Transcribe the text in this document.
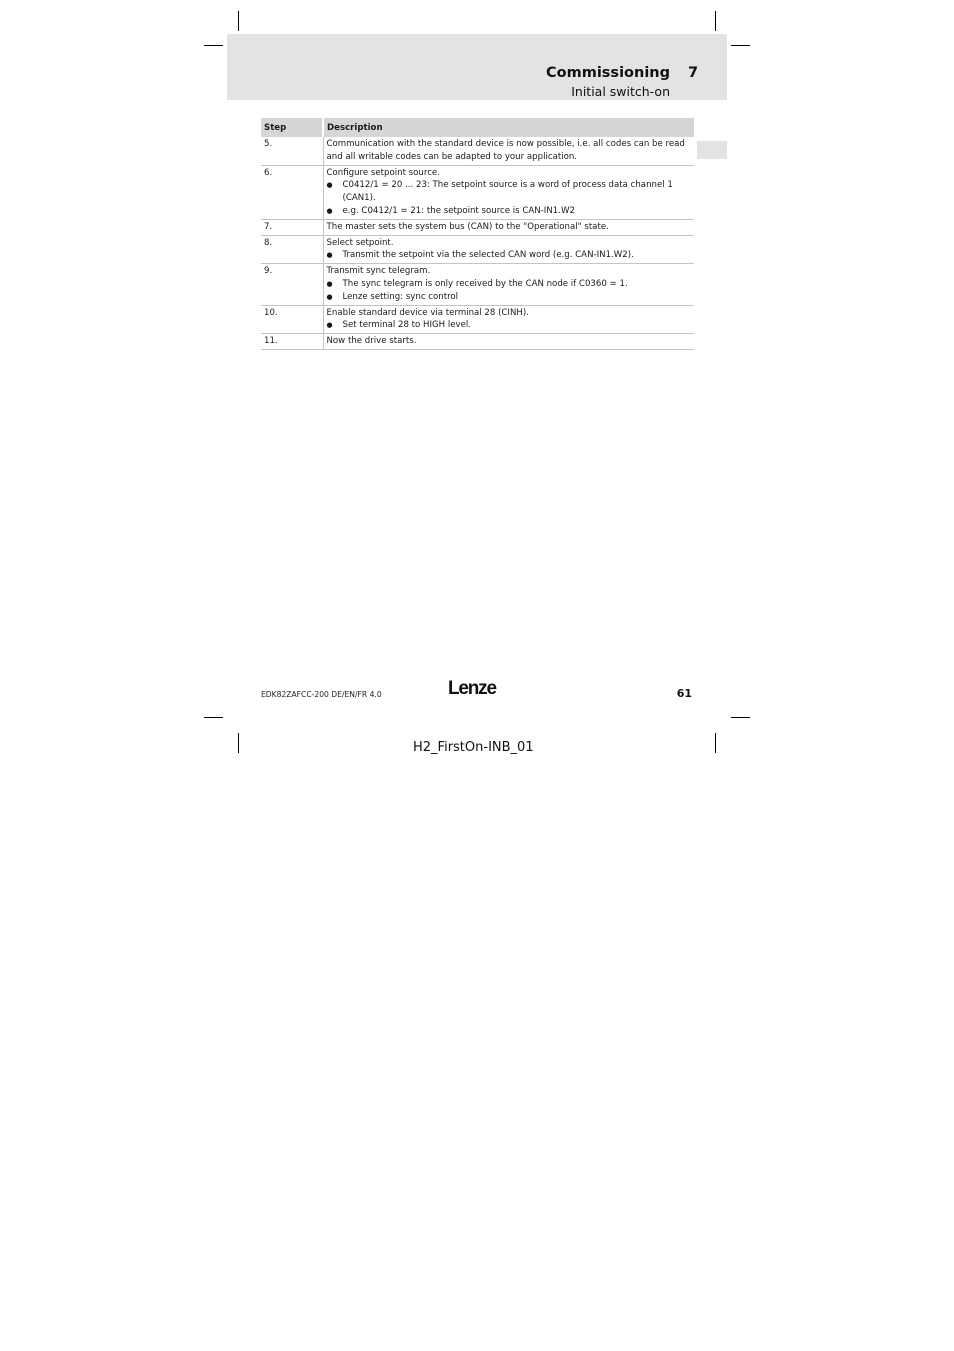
Commissioning 7
Initial switch-on
Step	Description
5.	Communication with the standard device is now possible, i.e. all codes can be read and all writable codes can be adapted to your application.

6.	Configure setpoint source.
● C0412/1 = 20 ... 23: The setpoint source is a word of process data channel 1 (CAN1).
● e.g. C0412/1 = 21: the setpoint source is CAN-IN1.W2

7.	The master sets the system bus (CAN) to the "Operational" state.

8.	Select setpoint.
● Transmit the setpoint via the selected CAN word (e.g. CAN-IN1.W2).

9.	Transmit sync telegram.
● The sync telegram is only received by the CAN node if C0360 = 1.
● Lenze setting: sync control

10.	Enable standard device via terminal 28 (CINH).
● Set terminal 28 to HIGH level.

11.	Now the drive starts.
EDK82ZAFCC-200 DE/EN/FR 4.0	Lenze	61
H2_FirstOn-INB_01
